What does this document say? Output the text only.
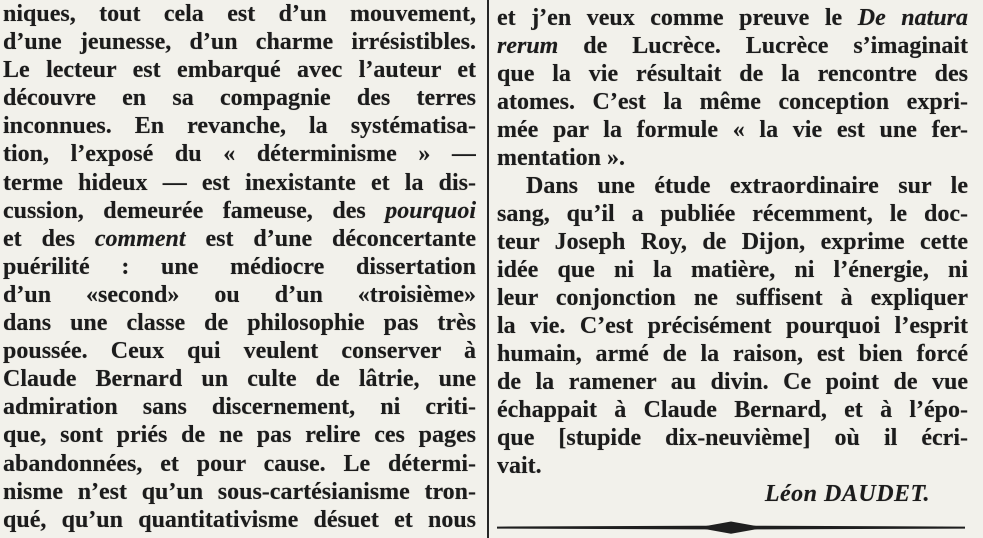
niques, tout cela est d’un mouvement,
d’une jeunesse, d’un charme irrésistibles.
Le lecteur est embarqué avec l’auteur et
découvre en sa compagnie des terres
inconnues. En revanche, la systématisa-
tion, l’exposé du « déterminisme » —
terme hideux — est inexistante et la dis-
cussion, demeurée fameuse, des pourquoi
et des comment est d’une déconcertante
puérilité : une médiocre dissertation
d’un «second» ou d’un «troisième»
dans une classe de philosophie pas très
poussée. Ceux qui veulent conserver à
Claude Bernard un culte de lâtrie, une
admiration sans discernement, ni criti-
que, sont priés de ne pas relire ces pages
abandonnées, et pour cause. Le détermi-
nisme n’est qu’un sous-cartésianisme tron-
qué, qu’un quantitativisme désuet et nous
et j’en veux comme preuve le De natura
rerum de Lucrèce. Lucrèce s’imaginait
que la vie résultait de la rencontre des
atomes. C’est la même conception expri-
mée par la formule « la vie est une fer-
mentation ».
Dans une étude extraordinaire sur le
sang, qu’il a publiée récemment, le doc-
teur Joseph Roy, de Dijon, exprime cette
idée que ni la matière, ni l’énergie, ni
leur conjonction ne suffisent à expliquer
la vie. C’est précisément pourquoi l’esprit
humain, armé de la raison, est bien forcé
de la ramener au divin. Ce point de vue
échappait à Claude Bernard, et à l’épo-
que [stupide dix-neuvième] où il écri-
vait.
Léon DAUDET.
